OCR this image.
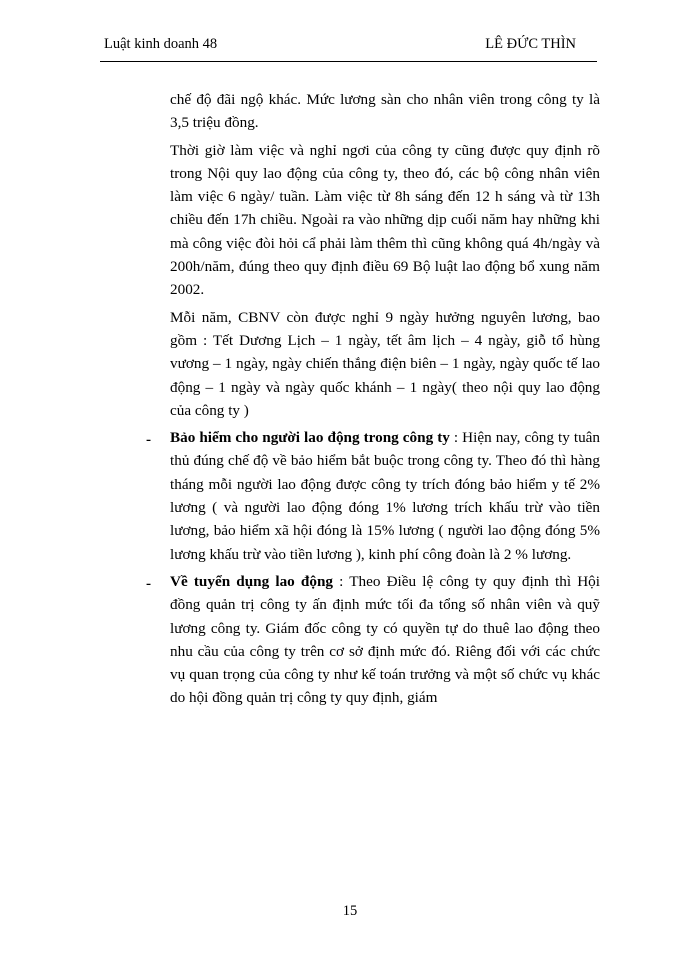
Luật kinh doanh 48	LÊ ĐỨC THÌN

chế độ đãi ngộ khác. Mức lương sàn cho nhân viên trong công ty là 3,5 triệu đồng.

Thời giờ làm việc và nghỉ ngơi của công ty cũng được quy định rõ trong Nội quy lao động của công ty, theo đó, các bộ công nhân viên làm việc 6 ngày/ tuần. Làm việc từ 8h sáng đến 12 h sáng và từ 13h chiều đến 17h chiều. Ngoài ra vào những dịp cuối năm hay những khi mà công việc đòi hỏi cẩ phải làm thêm thì cũng không quá 4h/ngày và 200h/năm, đúng theo quy định điều 69 Bộ luật lao động bổ xung năm 2002.

Mỗi năm, CBNV còn được nghỉ 9 ngày hưởng nguyên lương, bao gồm : Tết Dương Lịch – 1 ngày, tết âm lịch – 4 ngày, giỗ tổ hùng vương – 1 ngày, ngày chiến thắng điện biên – 1 ngày, ngày quốc tế lao động – 1 ngày và ngày quốc khánh – 1 ngày( theo nội quy lao động của công ty )

- Bảo hiểm cho người lao động trong công ty : Hiện nay, công ty tuân thủ đúng chế độ về bảo hiểm bắt buộc trong công ty. Theo đó thì hàng tháng mỗi người lao động được công ty trích đóng bảo hiểm y tế 2% lương ( và người lao động đóng 1% lương trích khấu trừ vào tiền lương, bảo hiểm xã hội đóng là 15% lương ( người lao động đóng 5% lương khấu trừ vào tiền lương ), kinh phí công đoàn là 2 % lương.

- Về tuyển dụng lao động : Theo Điều lệ công ty quy định thì Hội đồng quản trị công ty ấn định mức tối đa tổng số nhân viên và quỹ lương công ty. Giám đốc công ty có quyền tự do thuê lao động theo nhu cầu của công ty trên cơ sở định mức đó. Riêng đối với các chức vụ quan trọng của công ty như kế toán trưởng và một số chức vụ khác do hội đồng quản trị công ty quy định, giám

15
